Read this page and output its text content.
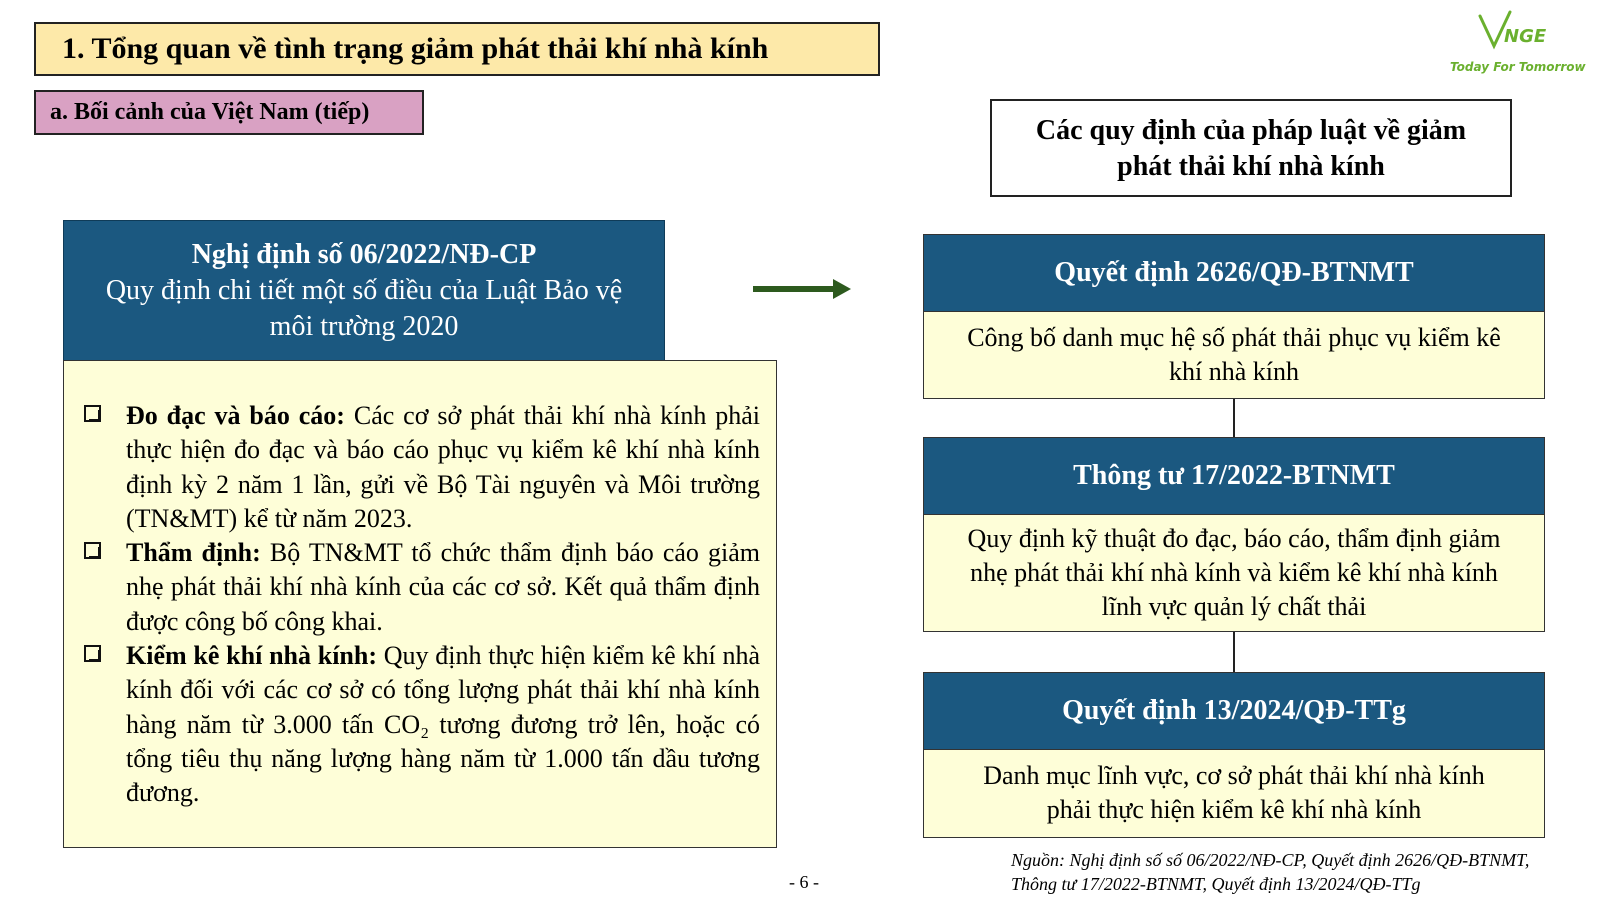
1. Tổng quan về tình trạng giảm phát thải khí nhà kính
a. Bối cảnh của Việt Nam (tiếp)
NGE
Today For Tomorrow
Các quy định của pháp luật về giảm
phát thải khí nhà kính
Nghị định số 06/2022/NĐ-CP
Quy định chi tiết một số điều của Luật Bảo vệ
môi trường 2020
Đo đạc và báo cáo: Các cơ sở phát thải khí nhà kính phải thực hiện đo đạc và báo cáo phục vụ kiểm kê khí nhà kính định kỳ 2 năm 1 lần, gửi về Bộ Tài nguyên và Môi trường (TN&MT) kể từ năm 2023.
Thẩm định: Bộ TN&MT tổ chức thẩm định báo cáo giảm nhẹ phát thải khí nhà kính của các cơ sở. Kết quả thẩm định được công bố công khai.
Kiểm kê khí nhà kính: Quy định thực hiện kiểm kê khí nhà kính đối với các cơ sở có tổng lượng phát thải khí nhà kính hàng năm từ 3.000 tấn CO₂ tương đương trở lên, hoặc có tổng tiêu thụ năng lượng hàng năm từ 1.000 tấn dầu tương đương.
Quyết định 2626/QĐ-BTNMT
Công bố danh mục hệ số phát thải phục vụ kiểm kê
khí nhà kính
Thông tư 17/2022-BTNMT
Quy định kỹ thuật đo đạc, báo cáo, thẩm định giảm
nhẹ phát thải khí nhà kính và kiểm kê khí nhà kính
lĩnh vực quản lý chất thải
Quyết định 13/2024/QĐ-TTg
Danh mục lĩnh vực, cơ sở phát thải khí nhà kính
phải thực hiện kiểm kê khí nhà kính
- 6 -
Nguồn: Nghị định số số 06/2022/NĐ-CP, Quyết định 2626/QĐ-BTNMT,
Thông tư 17/2022-BTNMT, Quyết định 13/2024/QĐ-TTg
